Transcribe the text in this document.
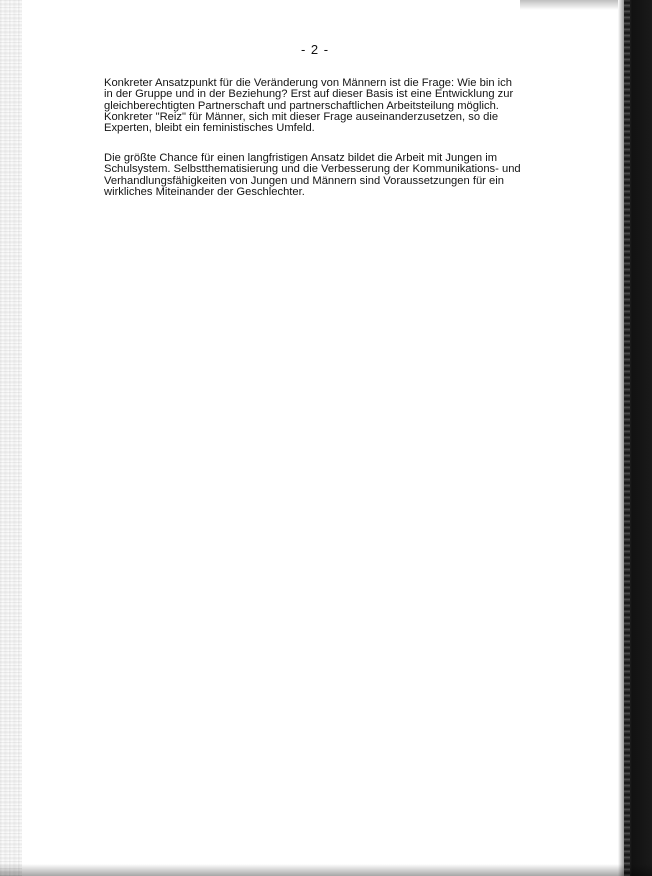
- 2 -
Konkreter Ansatzpunkt für die Veränderung von Männern ist die Frage: Wie bin ich
in der Gruppe und in der Beziehung? Erst auf dieser Basis ist eine Entwicklung zur
gleichberechtigten Partnerschaft und partnerschaftlichen Arbeitsteilung möglich.
Konkreter "Reiz" für Männer, sich mit dieser Frage auseinanderzusetzen, so die
Experten, bleibt ein feministisches Umfeld.
Die größte Chance für einen langfristigen Ansatz bildet die Arbeit mit Jungen im
Schulsystem. Selbstthematisierung und die Verbesserung der Kommunikations- und
Verhandlungsfähigkeiten von Jungen und Männern sind Voraussetzungen für ein
wirkliches Miteinander der Geschlechter.
